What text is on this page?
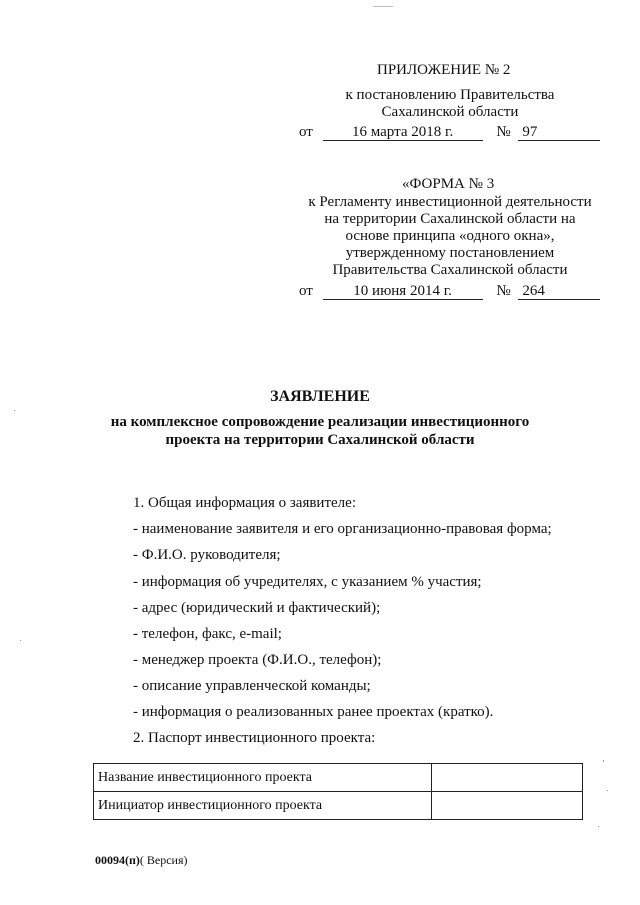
ПРИЛОЖЕНИЕ № 2
к постановлению Правительства
Сахалинской области
от	16 марта 2018 г.	№ 97
«ФОРМА № 3
к Регламенту инвестиционной деятельности
на территории Сахалинской области на
основе принципа «одного окна»,
утвержденному постановлением
Правительства Сахалинской области
от	10 июня 2014 г.	№ 264
ЗАЯВЛЕНИЕ
на комплексное сопровождение реализации инвестиционного
проекта на территории Сахалинской области
1. Общая информация о заявителе:
- наименование заявителя и его организационно-правовая форма;
- Ф.И.О. руководителя;
- информация об учредителях, с указанием % участия;
- адрес (юридический и фактический);
- телефон, факс, e-mail;
- менеджер проекта (Ф.И.О., телефон);
- описание управленческой команды;
- информация о реализованных ранее проектах (кратко).
2. Паспорт инвестиционного проекта:
Название инвестиционного проекта	
Инициатор инвестиционного проекта	
00094(п)( Версия)
